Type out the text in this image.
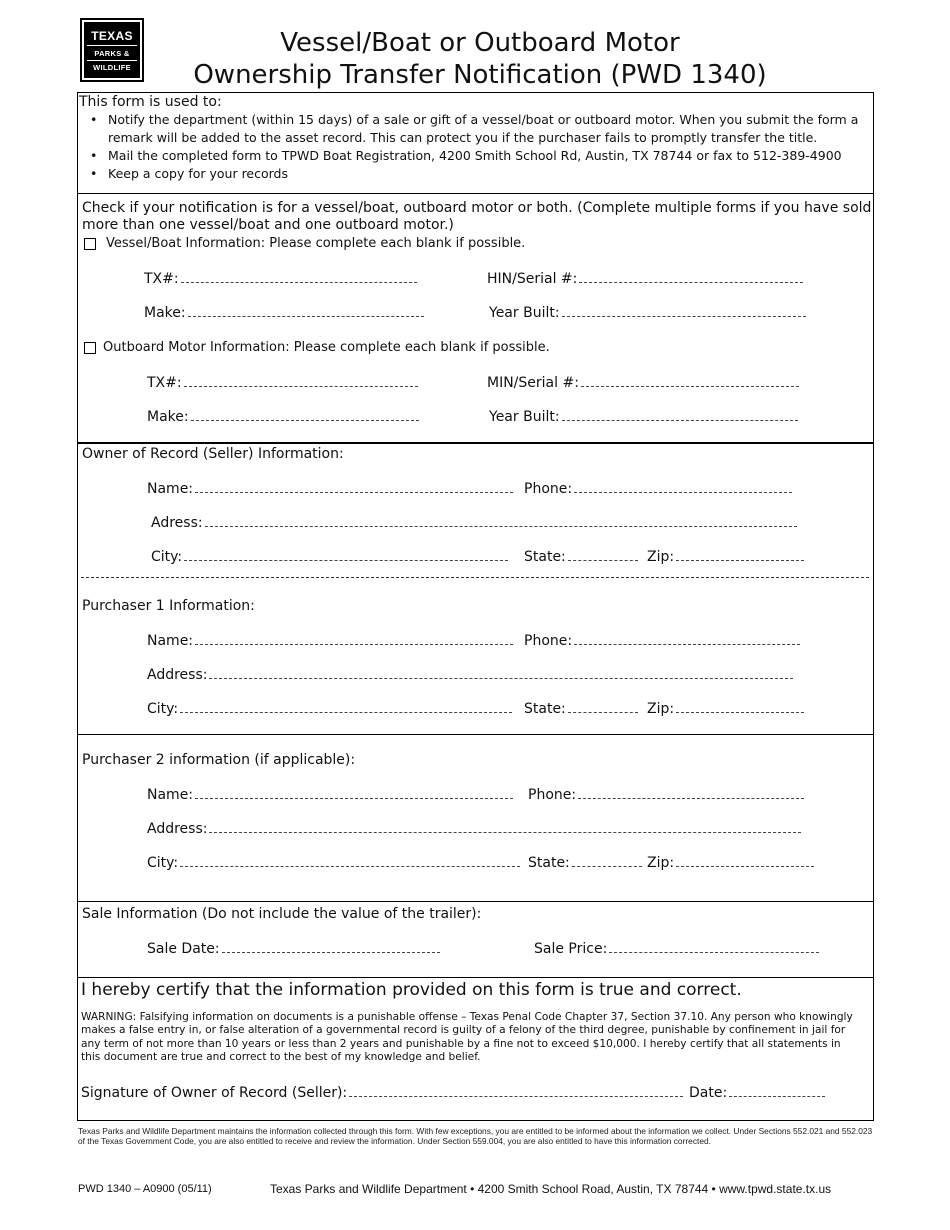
TEXAS
PARKS &
WILDLIFE
Vessel/Boat or Outboard Motor
Ownership Transfer Notification (PWD 1340)
This form is used to:
• Notify the department (within 15 days) of a sale or gift of a vessel/boat or outboard motor. When you submit the form a remark will be added to the asset record. This can protect you if the purchaser fails to promptly transfer the title.
• Mail the completed form to TPWD Boat Registration, 4200 Smith School Rd, Austin, TX 78744 or fax to 512-389-4900
• Keep a copy for your records
Check if your notification is for a vessel/boat, outboard motor or both. (Complete multiple forms if you have sold
more than one vessel/boat and one outboard motor.)
Vessel/Boat Information: Please complete each blank if possible.
TX#:	HIN/Serial #:
Make:	Year Built:
Outboard Motor Information: Please complete each blank if possible.
TX#:	MIN/Serial #:
Make:	Year Built:
Owner of Record (Seller) Information:
Name:	Phone:
Adress:
City:	State:	Zip:
Purchaser 1 Information:
Name:	Phone:
Address:
City:	State:	Zip:
Purchaser 2 information (if applicable):
Name:	Phone:
Address:
City:	State:	Zip:
Sale Information (Do not include the value of the trailer):
Sale Date:	Sale Price:
I hereby certify that the information provided on this form is true and correct.
WARNING: Falsifying information on documents is a punishable offense – Texas Penal Code Chapter 37, Section 37.10. Any person who knowingly makes a false entry in, or false alteration of a governmental record is guilty of a felony of the third degree, punishable by confinement in jail for any term of not more than 10 years or less than 2 years and punishable by a fine not to exceed $10,000. I hereby certify that all statements in this document are true and correct to the best of my knowledge and belief.
Signature of Owner of Record (Seller):	Date:
Texas Parks and Wildlife Department maintains the information collected through this form. With few exceptions, you are entitled to be informed about the information we collect. Under Sections 552.021 and 552.023 of the Texas Government Code, you are also entitled to receive and review the information. Under Section 559.004, you are also entitled to have this information corrected.
PWD 1340 – A0900 (05/11)	Texas Parks and Wildlife Department • 4200 Smith School Road, Austin, TX 78744 • www.tpwd.state.tx.us
